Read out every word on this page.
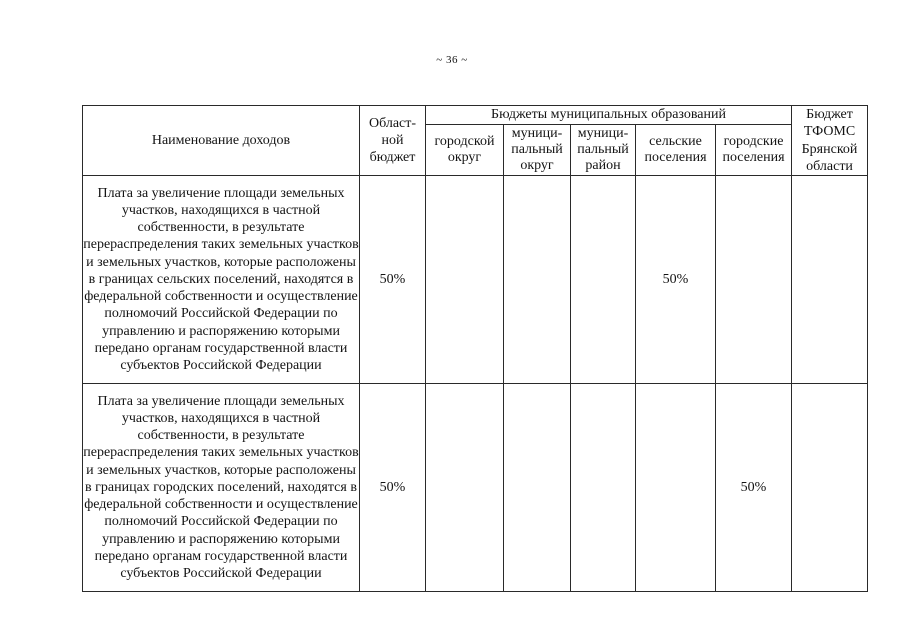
~ 36 ~
Наименование доходов	Област-ной бюджет	Бюджеты муниципальных образований					Бюджет ТФОМС Брянской области
		городской округ	муници-пальный округ	муници-пальный район	сельские поселения	городские поселения	
Плата за увеличение площади земельных участков, находящихся в частной собственности, в результате перераспределения таких земельных участков и земельных участков, которые расположены в границах сельских поселений, находятся в федеральной собственности и осуществление полномочий Российской Федерации по управлению и распоряжению которыми передано органам государственной власти субъектов Российской Федерации	50%				50%		
Плата за увеличение площади земельных участков, находящихся в частной собственности, в результате перераспределения таких земельных участков и земельных участков, которые расположены в границах городских поселений, находятся в федеральной собственности и осуществление полномочий Российской Федерации по управлению и распоряжению которыми передано органам государственной власти субъектов Российской Федерации	50%					50%	
